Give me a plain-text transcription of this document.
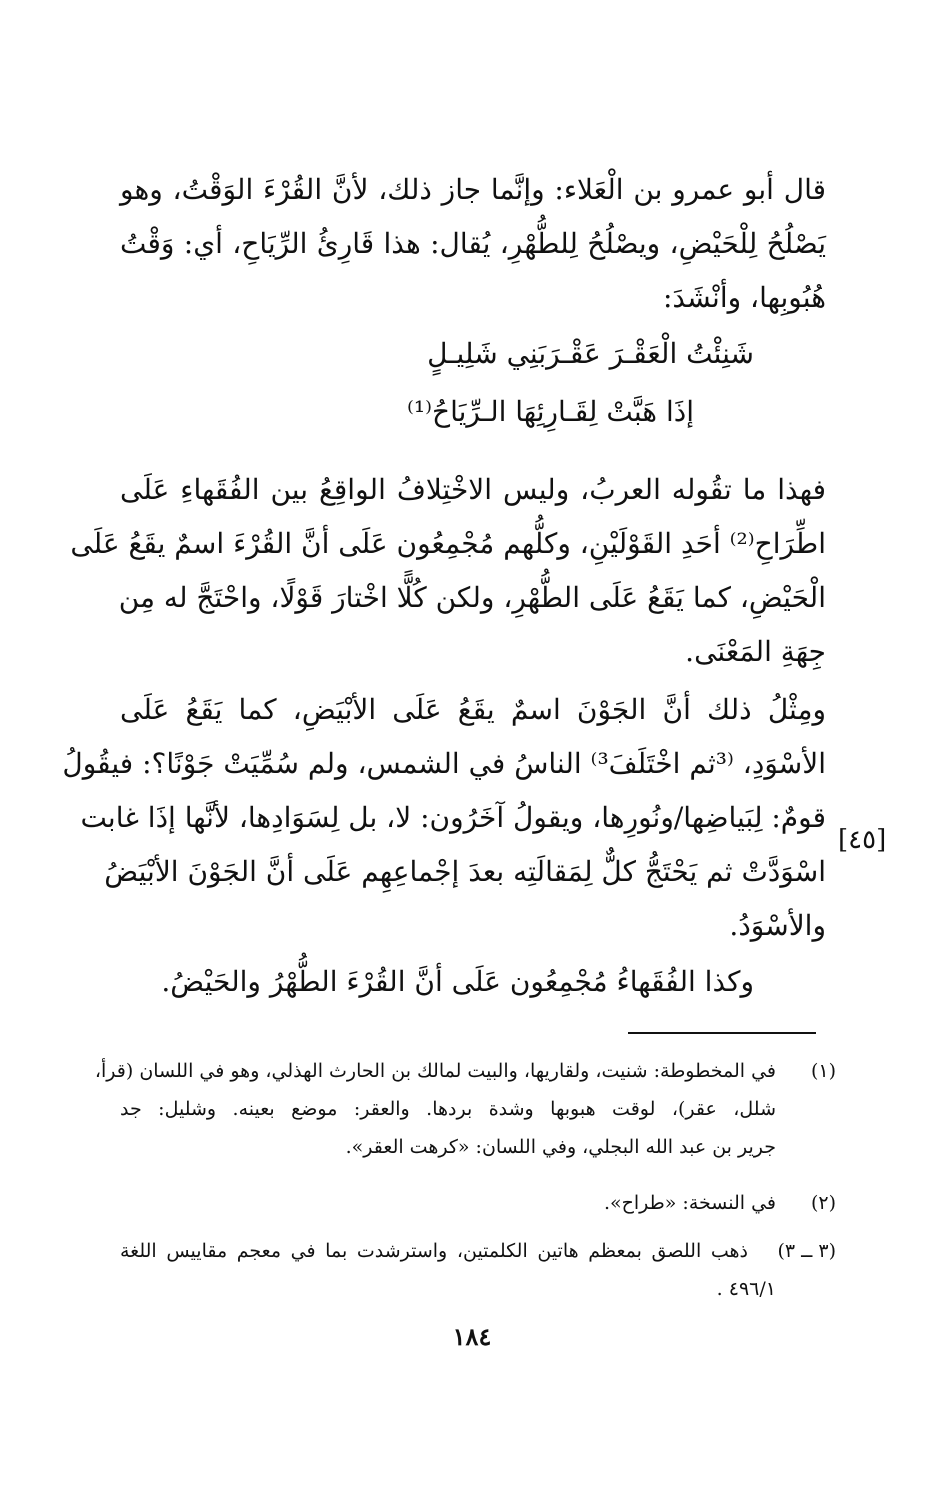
قال أبو عمرو بن الْعَلاء: وإنَّما جاز ذلك، لأنَّ القُرْءَ الوَقْتُ، وهو
يَصْلُحُ لِلْحَيْضِ، ويصْلُحُ لِلطُّهْرِ، يُقال: هذا قَارِئُ الرِّيَاحِ، أي: وَقْتُ
هُبُوبِها، وأنْشَدَ:
شَنِئْتُ الْعَقْـرَ عَقْـرَبَنِي شَلِيـلٍ
إذَا هَبَّتْ لِقَـارِئِهَا الـرِّيَاحُ⁽¹⁾
فهذا ما تقُوله العربُ، وليس الاخْتِلافُ الواقِعُ بين الفُقَهاءِ عَلَى
اطِّرَاحِ⁽²⁾ أحَدِ القَوْلَيْنِ، وكلُّهم مُجْمِعُون عَلَى أنَّ القُرْءَ اسمٌ يقَعُ عَلَى
الْحَيْضِ، كما يَقَعُ عَلَى الطُّهْرِ، ولكن كُلًّا اخْتارَ قَوْلًا، واحْتَجَّ له مِن
جِهَةِ المَعْنَى.
ومِثْلُ ذلك أنَّ الجَوْنَ اسمٌ يقَعُ عَلَى الأبْيَضِ، كما يَقَعُ عَلَى
الأسْوَدِ، ⁽³ثم اخْتَلَفَ³⁾ الناسُ في الشمس، ولم سُمِّيَتْ جَوْنًا؟: فيقُولُ
قومٌ: لِبَياضِها/ونُورِها، ويقولُ آخَرُون: لا، بل لِسَوَادِها، لأنَّها إذَا غابت
اسْوَدَّتْ ثم يَحْتَجُّ كلٌّ لِمَقالَتِه بعدَ إجْماعِهِم عَلَى أنَّ الجَوْنَ الأبْيَضُ
والأسْوَدُ.
[٤٥]
وكذا الفُقَهاءُ مُجْمِعُون عَلَى أنَّ القُرْءَ الطُّهْرُ والحَيْضُ.
(١)
في المخطوطة: شنيت، ولقاريها، والبيت لمالك بن الحارث الهذلي، وهو في اللسان (قرأ،
شلل، عقر)، لوقت هبوبها وشدة بردها. والعقر: موضع بعينه. وشليل: جد
جرير بن عبد الله البجلي، وفي اللسان: «كرهت العقر».
(٢)
في النسخة: «طراح».
(٣ ــ ٣)
ذهب اللصق بمعظم هاتين الكلمتين، واسترشدت بما في معجم مقاييس اللغة
٤٩٦/١ .
١٨٤
